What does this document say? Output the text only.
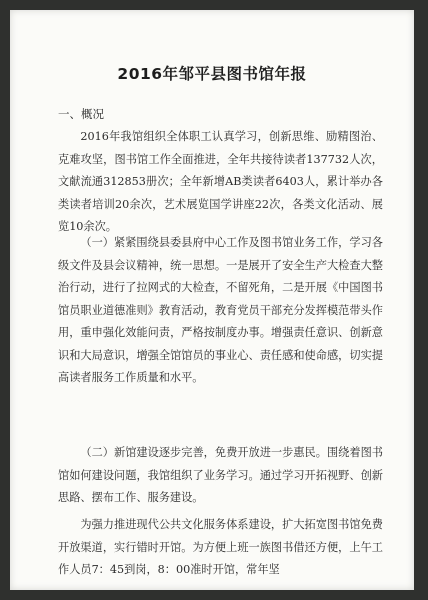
2016年邹平县图书馆年报
一、概况

2016年我馆组织全体职工认真学习，创新思维、励精图治、克难攻坚，图书馆工作全面推进，全年共接待读者137732人次，文献流通312853册次；全年新增AB类读者6403人，累计举办各类读者培训20余次，艺术展览国学讲座22次，各类文化活动、展览10余次。

（一）紧紧围绕县委县府中心工作及图书馆业务工作，学习各级文件及县会议精神，统一思想。一是展开了安全生产大检查大整治行动，进行了拉网式的大检查，不留死角，二是开展《中国图书馆员职业道德准则》教育活动，教育党员干部充分发挥模范带头作用，重申强化效能问责，严格按制度办事。增强责任意识、创新意识和大局意识，增强全馆馆员的事业心、责任感和使命感，切实提高读者服务工作质量和水平。

（二）新馆建设逐步完善，免费开放进一步惠民。围绕着图书馆如何建设问题，我馆组织了业务学习。通过学习开拓视野、创新思路、摆布工作、服务建设。

为强力推进现代公共文化服务体系建设，扩大拓宽图书馆免费开放渠道，实行错时开馆。为方便上班一族图书借还方便，上午工作人员7：45到岗，8：00准时开馆，常年坚
